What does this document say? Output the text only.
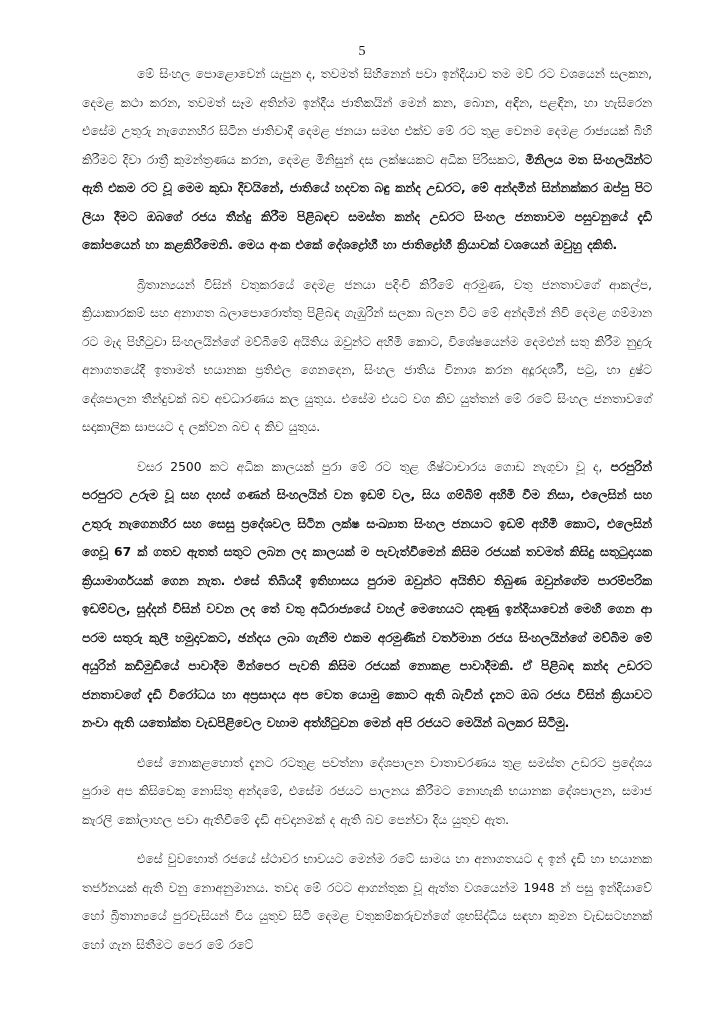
5

මේ සිංහල පොළොවෙන් යැපුන ද, තවමත් සිහිනෙන් පවා ඉන්දියාව තම මව් රට වශයෙන් සලකන, දෙමළ කථා කරන, තවමත් සෑම අතින්ම ඉන්දීය ජාතිකයින් මෙන් කන, බොන, අඳින, පළඳින, හා හැසිරෙන එසේම උතුරු නැගෙනහිර සිටින ජාතිවාදී දෙමළ ජනයා සමඟ එක්ව මේ රට තුළ වෙනම දෙමළ රාජ්‍යයක් බිහි කිරීමට දිවා රාත්‍රී කුමන්ත්‍රණය කරන, දෙමළ මිනිසුන් දස ලක්ෂයකට අධික පිරිසකට, මිනිලය මත සිංහලයින්ට ඇති එකම රට වූ මෙම කුඩා දිවයිනේ, ජාතියේ හදවත බඳු කන්ද උඩරට, මේ අන්දමින් සින්නක්කර ඔප්පු පිට ලියා දීමට ඔබගේ රජය තීන්දු කිරීම පිළිබඳව සමස්ත කන්ද උඩරට සිංහල ජනතාවම පසුවනුයේ දැඩි කෝපයෙන් හා කළකිරීමෙනි. මෙය අංක එකේ දේශද්‍රෝහී හා ජාතිද්‍රෝහී ක්‍රියාවක් වශයෙන් ඔවුහු දකිති.

බ්‍රිතාන්‍යයන් විසින් වතුකරයේ දෙමළ ජනයා පදිංචි කිරීමේ අරමුණ, වතු ජනතාවගේ ආකල්ප, ක්‍රියාකාරකම් සහ අනාගත බලාපොරොත්තු පිළිබඳ ගැඹුරින් සලකා බලන විට මේ අන්දමින් නිවි දෙමළ ගම්මාන රට මැද පිහිටුවා සිංහලයින්ගේ මව්බිමේ අයිතිය ඔවුන්ට අහිමි කොට, විශේෂයෙන්ම දෙමළුන් සතු කිරීම නුදුරු අනාගතයේදී ඉතාමත් භයානක ප්‍රතිඵල ගෙනදෙන, සිංහල ජාතිය විනාශ කරන අදූරදර්ශී, පටු, හා දුෂ්ට දේශපාලන තීන්දුවක් බව අවධාරණය කල යුතුය. එසේම එයට වග කිව යුත්තන් මේ රටේ සිංහල ජනතාවගේ සදාකාලික සාපයට ද ලක්වන බව ද කිව යුතුය.

වසර 2500 කට අධික කාලයක් පුරා මේ රට තුළ ශිෂ්ටාචාරය ගොඩ නැගුවා වූ ද, පරපුරින් පරපුරට උරුම වූ සහ දහස් ගණන් සිංහලයින් වන ඉඩම් වල, සිය ගම්බිම් අහිමි වීම නිසා, එලෙසින් සහ උතුරු නැගෙනහිර සහ සෙසු ප්‍රදේශවල සිටින ලක්ෂ සංඛ්‍යාත සිංහල ජනයාට ඉඩම් අහිමි කොට, එලෙසින් ගෙවූ 67 ක් ගතව ඇතත් සතුට ලබන ලද කාලයක් ම පැවැත්වීමෙන් කිසිම රජයක් තවමත් කිසිදු සතුටුදායක ක්‍රියාමාර්ගයක් ගෙන නැත. එසේ තිබියදී ඉතිහාසය පුරාම ඔවුන්ට අයිතිව තිබුණ ඔවුන්ගේම පාරම්පරික ඉඩම්වල, සුද්දන් විසින් වවන ලද තේ වතු අධිරාජ්‍යයේ වහල් මෙහෙයට දකුණු ඉන්දියාවෙන් මෙහි ගෙන ආ පරම සතුරු කුලී හමුදාවකට, ඡන්දය ලබා ගැනීම එකම අරමුණින් වර්තමාන රජය සිංහලයින්ගේ මව්බිම මේ අයුරින් කඩිමුඩියේ පාවාදීම මින්පෙර පැවති කිසිම රජයක් නොකළ පාවාදීමකි. ඒ පිළිබඳ කන්ද උඩරට ජනතාවගේ දැඩි විරෝධය හා අප්‍රසාදය අප වෙත යොමු කොට ඇති බැවින් දැනට ඔබ රජය විසින් ක්‍රියාවට නංවා ඇති යතෝක්ත වැඩපිළිවෙල වහාම අත්හිටුවන මෙන් අපි රජයට මෙයින් බලකර සිටිමු.

එසේ නොකළහොත් දැනට රටතුළ පවත්නා දේශපාලන වාතාවරණය තුළ සමස්ත උඩරට ප්‍රදේශය පුරාම අප කිසිවෙකු නොසිතූ අන්දමේ, එසේම රජයට පාලනය කිරීමට නොහැකි භයානක දේශපාලන, සමාජ කැරලි කෝලාහල පවා ඇතිවීමේ දැඩි අවදානමක් ද ඇති බව පෙන්වා දිය යුතුව ඇත.

එසේ වුවහොත් රජයේ ස්ථාවර භාවයට මෙන්ම රටේ සාමය හා අනාගතයට ද ඉන් දැඩි හා භයානක තර්ජනයක් ඇති වනු නොඅනුමානය. තවද මේ රටට ආගන්තුක වූ ඇත්ත වශයෙන්ම 1948 න් පසු ඉන්දියාවේ හෝ බ්‍රිතාන්‍යයේ පුරවැසියන් විය යුතුව සිටි දෙමළ වතුකම්කරුවන්ගේ ශුභසිද්ධිය සඳහා කුමන වැඩසටහනක් හෝ ගැන සිතීමට පෙර මේ රටේ
